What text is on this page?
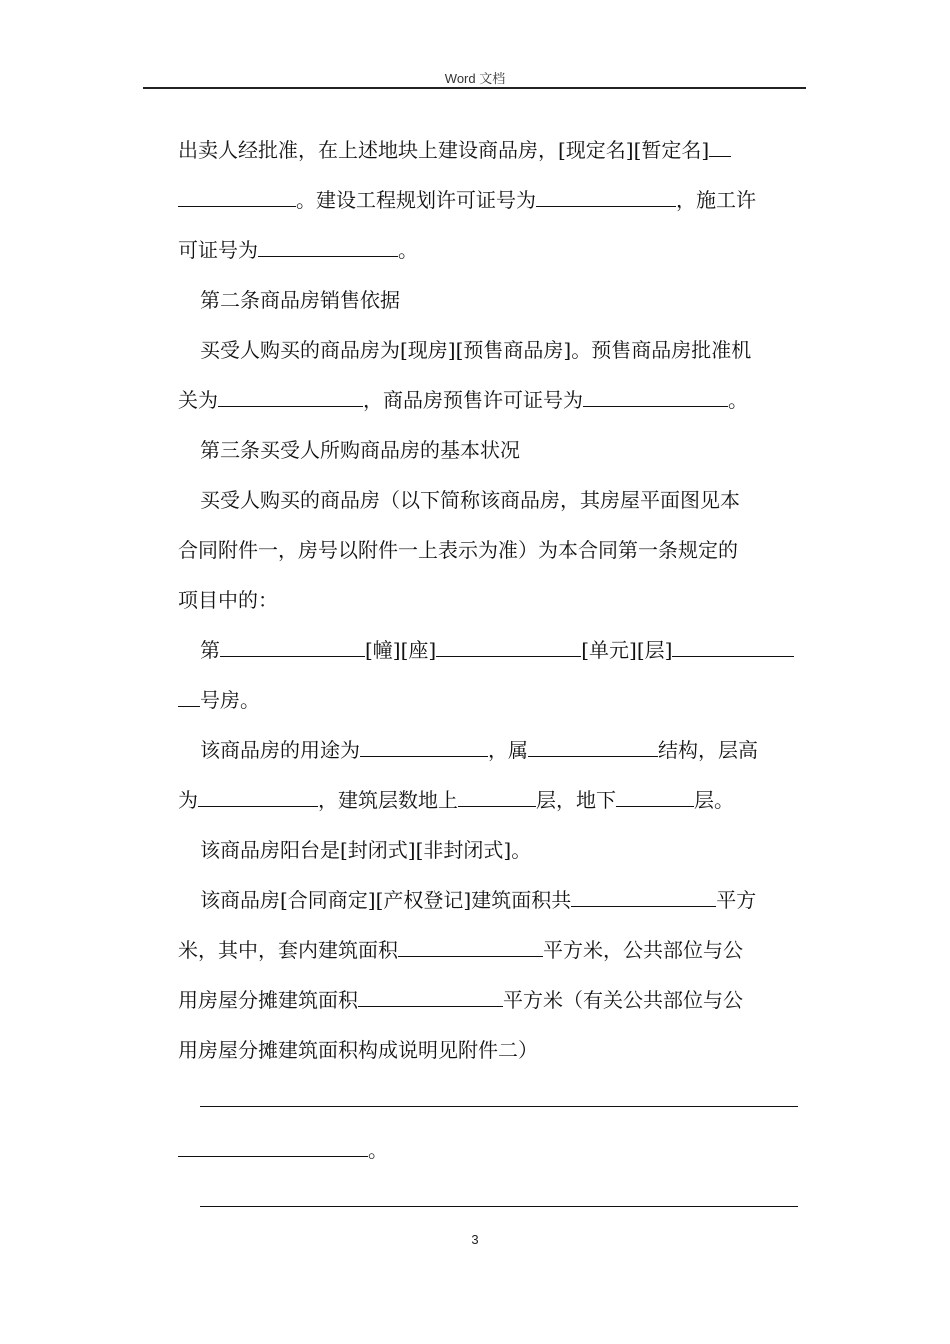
Word 文档
出卖人经批准，在上述地块上建设商品房，[现定名][暂定名]
。建设工程规划许可证号为	，施工许
可证号为	。
第二条商品房销售依据
买受人购买的商品房为[现房][预售商品房]。预售商品房批准机
关为	，商品房预售许可证号为	。
第三条买受人所购商品房的基本状况
买受人购买的商品房（以下简称该商品房，其房屋平面图见本
合同附件一，房号以附件一上表示为准）为本合同第一条规定的
项目中的：
第	[幢][座]	[单元][层]
号房。
该商品房的用途为	，属	结构，层高
为	，建筑层数地上	层，地下	层。
该商品房阳台是[封闭式][非封闭式]。
该商品房[合同商定][产权登记]建筑面积共	平方
米，其中，套内建筑面积	平方米，公共部位与公
用房屋分摊建筑面积	平方米（有关公共部位与公
用房屋分摊建筑面积构成说明见附件二）
。
3
